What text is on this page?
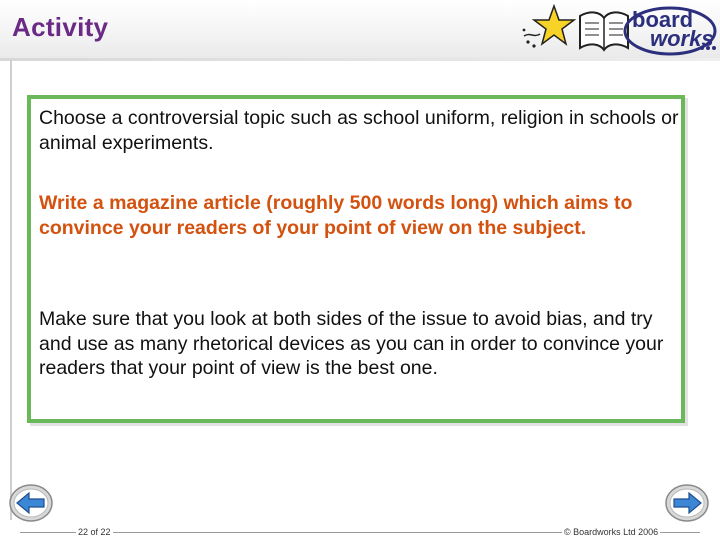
Activity	board
works
Choose a controversial topic such as school uniform, religion in schools or animal experiments.
Write a magazine article (roughly 500 words long) which aims to convince your readers of your point of view on the subject.
Make sure that you look at both sides of the issue to avoid bias, and try and use as many rhetorical devices as you can in order to convince your readers that your point of view is the best one.
22 of 22	© Boardworks Ltd 2006
